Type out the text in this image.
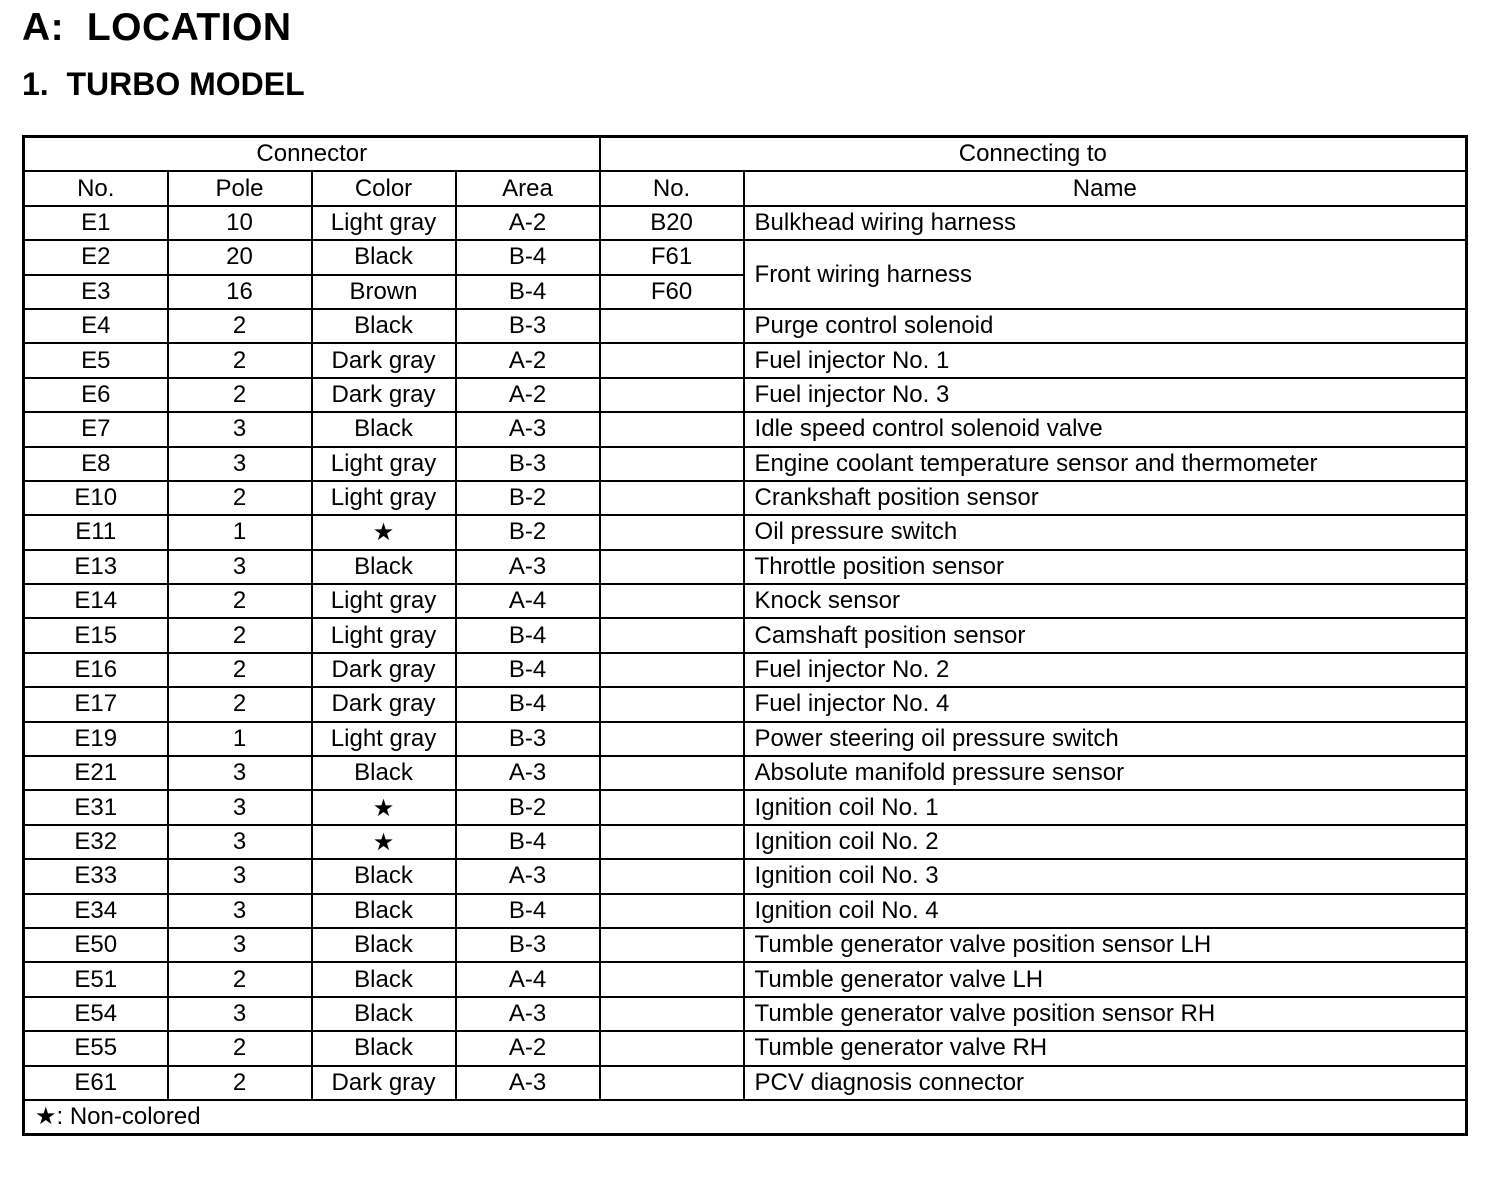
A:  LOCATION
1.  TURBO MODEL
Connector				Connecting to	
No.	Pole	Color	Area	No.	Name
E1	10	Light gray	A-2	B20	Bulkhead wiring harness
E2	20	Black	B-4	F61	Front wiring harness
E3	16	Brown	B-4	F60	
E4	2	Black	B-3		Purge control solenoid
E5	2	Dark gray	A-2		Fuel injector No. 1
E6	2	Dark gray	A-2		Fuel injector No. 3
E7	3	Black	A-3		Idle speed control solenoid valve
E8	3	Light gray	B-3		Engine coolant temperature sensor and thermometer
E10	2	Light gray	B-2		Crankshaft position sensor
E11	1	★	B-2		Oil pressure switch
E13	3	Black	A-3		Throttle position sensor
E14	2	Light gray	A-4		Knock sensor
E15	2	Light gray	B-4		Camshaft position sensor
E16	2	Dark gray	B-4		Fuel injector No. 2
E17	2	Dark gray	B-4		Fuel injector No. 4
E19	1	Light gray	B-3		Power steering oil pressure switch
E21	3	Black	A-3		Absolute manifold pressure sensor
E31	3	★	B-2		Ignition coil No. 1
E32	3	★	B-4		Ignition coil No. 2
E33	3	Black	A-3		Ignition coil No. 3
E34	3	Black	B-4		Ignition coil No. 4
E50	3	Black	B-3		Tumble generator valve position sensor LH
E51	2	Black	A-4		Tumble generator valve LH
E54	3	Black	A-3		Tumble generator valve position sensor RH
E55	2	Black	A-2		Tumble generator valve RH
E61	2	Dark gray	A-3		PCV diagnosis connector
★: Non-colored					
